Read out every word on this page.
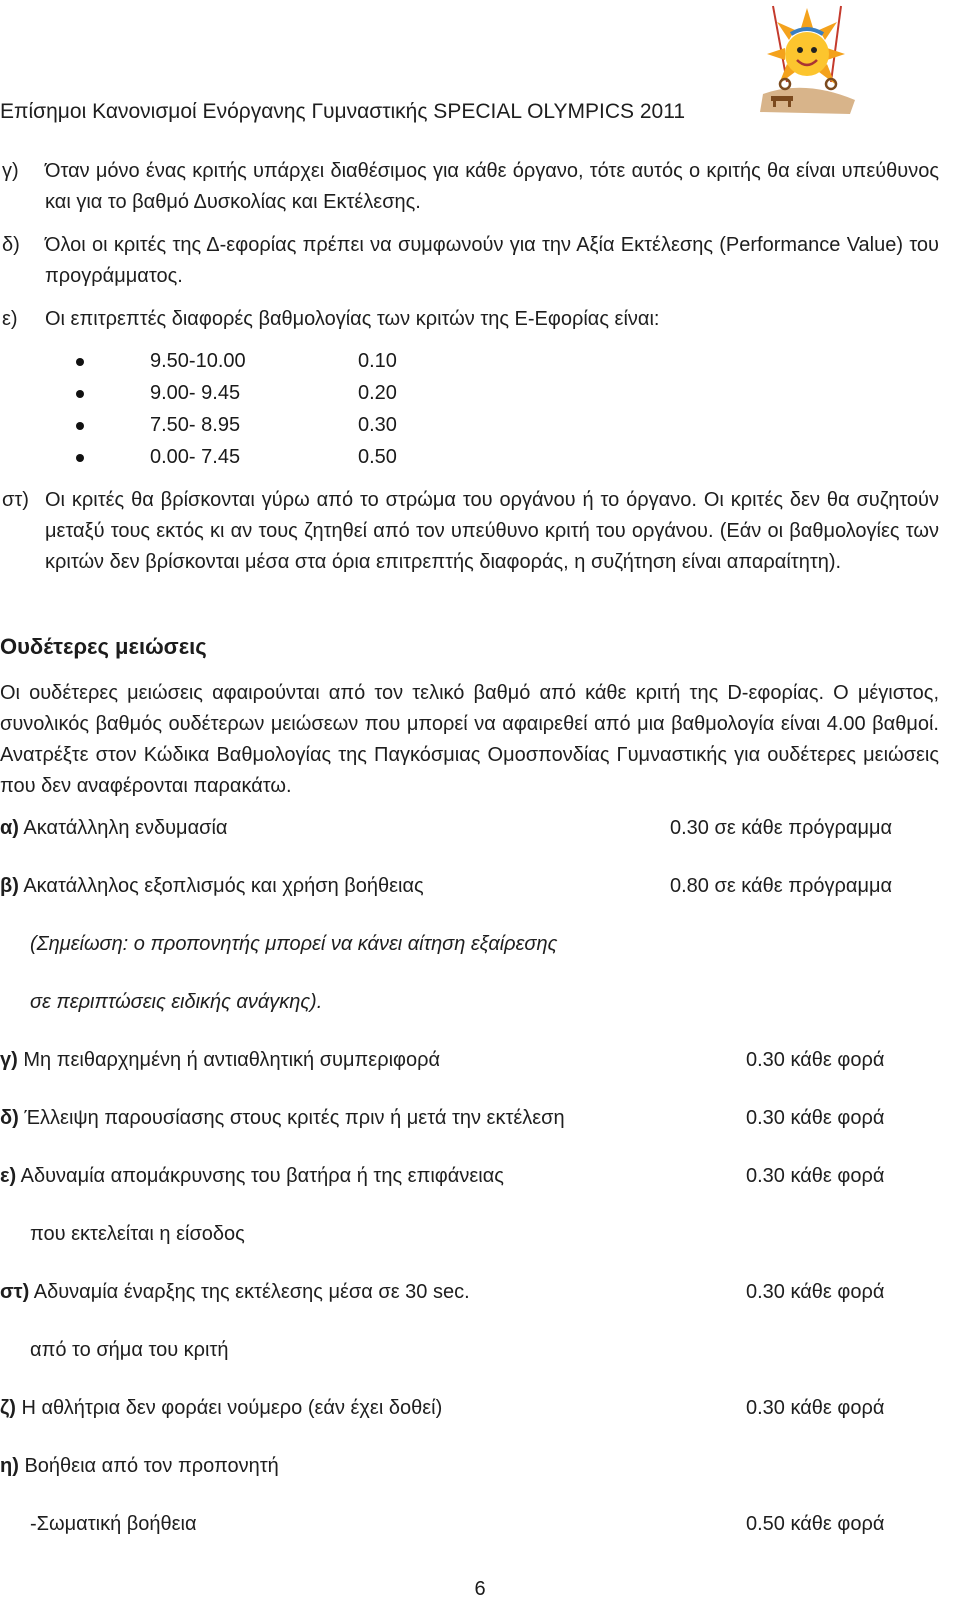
Επίσημοι Κανονισμοί Ενόργανης Γυμναστικής SPECIAL OLYMPICS 2011
γ) Όταν μόνο ένας κριτής υπάρχει διαθέσιμος για κάθε όργανο, τότε αυτός ο κριτής θα είναι υπεύθυνος και για το βαθμό Δυσκολίας και Εκτέλεσης.
δ) Όλοι οι κριτές της Δ-εφορίας πρέπει να συμφωνούν για την Αξία Εκτέλεσης (Performance Value) του προγράμματος.
ε) Οι επιτρεπτές διαφορές βαθμολογίας των κριτών της Ε-Εφορίας είναι:
9.50-10.00	0.10
9.00- 9.45	0.20
7.50- 8.95	0.30
0.00- 7.45	0.50
στ) Οι κριτές θα βρίσκονται γύρω από το στρώμα του οργάνου ή το όργανο. Οι κριτές δεν θα συζητούν μεταξύ τους εκτός κι αν τους ζητηθεί από τον υπεύθυνο κριτή του οργάνου. (Εάν οι βαθμολογίες των κριτών δεν βρίσκονται μέσα στα όρια επιτρεπτής διαφοράς, η συζήτηση είναι απαραίτητη).
Ουδέτερες μειώσεις
Οι ουδέτερες μειώσεις αφαιρούνται από τον τελικό βαθμό από κάθε κριτή της D-εφορίας. Ο μέγιστος, συνολικός βαθμός ουδέτερων μειώσεων που μπορεί να αφαιρεθεί από μια βαθμολογία είναι 4.00 βαθμοί. Ανατρέξτε στον Κώδικα Βαθμολογίας της Παγκόσμιας Ομοσπονδίας Γυμναστικής για ουδέτερες μειώσεις που δεν αναφέρονται παρακάτω.
α) Ακατάλληλη ενδυμασία	0.30 σε κάθε πρόγραμμα
β) Ακατάλληλος εξοπλισμός και χρήση βοήθειας	0.80 σε κάθε πρόγραμμα
(Σημείωση: ο προπονητής μπορεί να κάνει αίτηση εξαίρεσης
σε περιπτώσεις ειδικής ανάγκης).
γ) Μη πειθαρχημένη ή αντιαθλητική συμπεριφορά	0.30 κάθε φορά
δ) Έλλειψη παρουσίασης στους κριτές πριν ή μετά την εκτέλεση	0.30 κάθε φορά
ε) Αδυναμία απομάκρυνσης του βατήρα ή της επιφάνειας	0.30 κάθε φορά
που εκτελείται η είσοδος
στ) Αδυναμία έναρξης της εκτέλεσης μέσα σε 30 sec.	0.30 κάθε φορά
από το σήμα του κριτή
ζ) Η αθλήτρια δεν φοράει νούμερο (εάν έχει δοθεί)	0.30 κάθε φορά
η) Βοήθεια από τον προπονητή
-Σωματική βοήθεια	0.50 κάθε φορά
6
